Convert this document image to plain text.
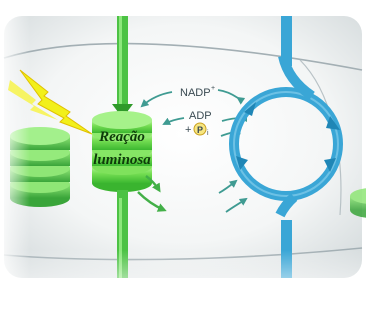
Reação
luminosa
NADP +
ADP
+ P i
